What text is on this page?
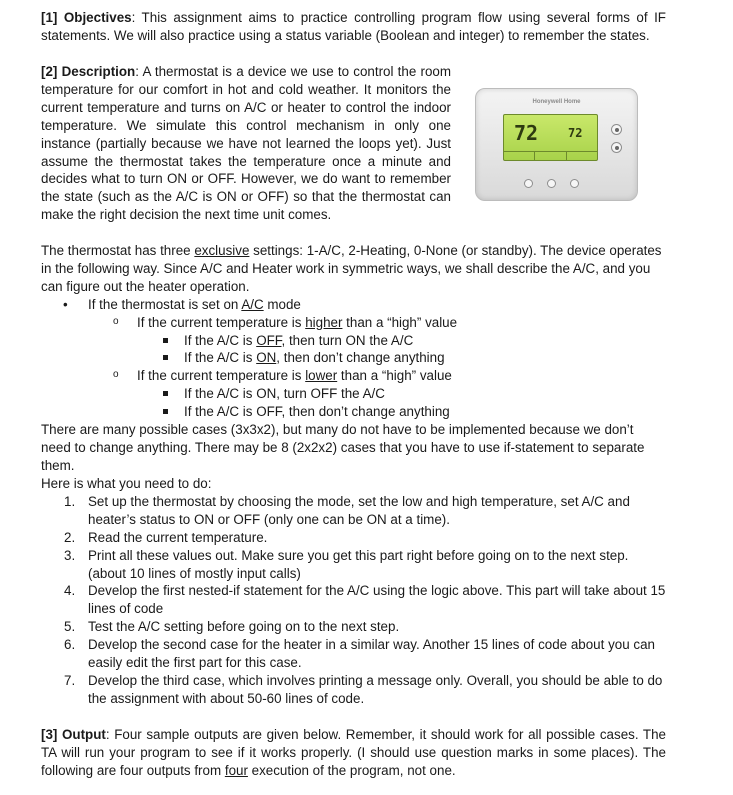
[1] Objectives: This assignment aims to practice controlling program flow using several forms of IF statements. We will also practice using a status variable (Boolean and integer) to remember the states.

[2] Description: A thermostat is a device we use to control the room temperature for our comfort in hot and cold weather. It monitors the current temperature and turns on A/C or heater to control the indoor temperature. We simulate this control mechanism in only one instance (partially because we have not learned the loops yet). Just assume the thermostat takes the temperature once a minute and decides what to turn ON or OFF. However, we do want to remember the state (such as the A/C is ON or OFF) so that the thermostat can make the right decision the next time unit comes.

Honeywell Home
72 72

The thermostat has three exclusive settings: 1-A/C, 2-Heating, 0-None (or standby). The device operates in the following way. Since A/C and Heater work in symmetric ways, we shall describe the A/C, and you can figure out the heater operation.

• If the thermostat is set on A/C mode
o If the current temperature is higher than a “high” value
If the A/C is OFF, then turn ON the A/C
If the A/C is ON, then don’t change anything
o If the current temperature is lower than a “high” value
If the A/C is ON, turn OFF the A/C
If the A/C is OFF, then don’t change anything

There are many possible cases (3x3x2), but many do not have to be implemented because we don’t need to change anything. There may be 8 (2x2x2) cases that you have to use if-statement to separate them.

Here is what you need to do:

1. Set up the thermostat by choosing the mode, set the low and high temperature, set A/C and heater’s status to ON or OFF (only one can be ON at a time).
2. Read the current temperature.
3. Print all these values out. Make sure you get this part right before going on to the next step. (about 10 lines of mostly input calls)
4. Develop the first nested-if statement for the A/C using the logic above. This part will take about 15 lines of code
5. Test the A/C setting before going on to the next step.
6. Develop the second case for the heater in a similar way. Another 15 lines of code about you can easily edit the first part for this case.
7. Develop the third case, which involves printing a message only. Overall, you should be able to do the assignment with about 50-60 lines of code.

[3] Output: Four sample outputs are given below. Remember, it should work for all possible cases. The TA will run your program to see if it works properly. (I should use question marks in some places). The following are four outputs from four execution of the program, not one.
